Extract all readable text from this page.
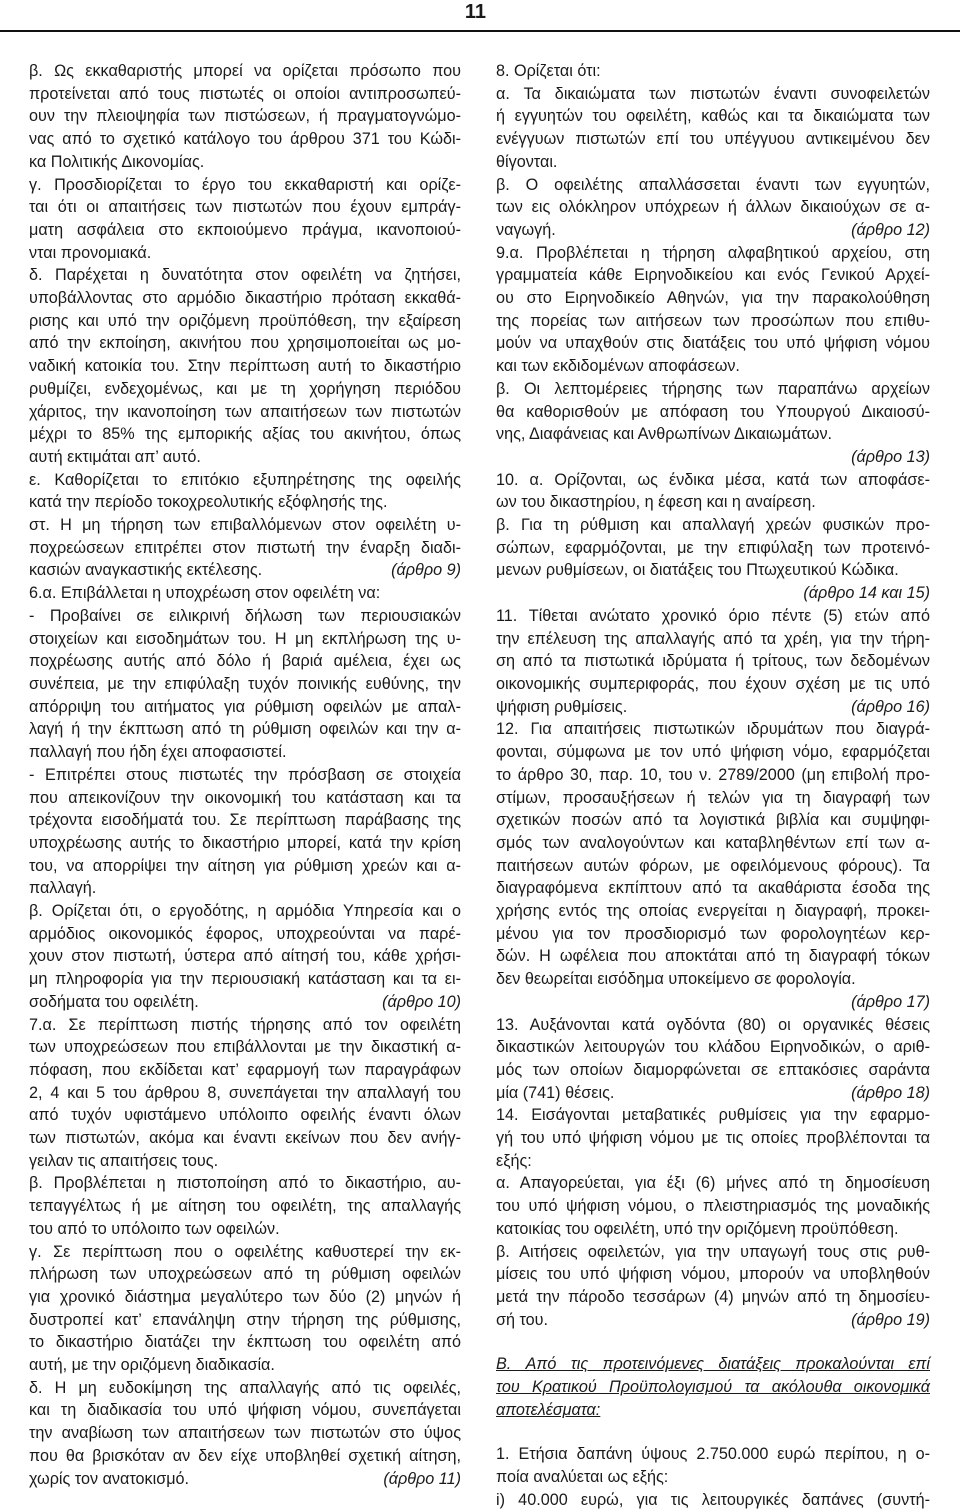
11
β. Ως εκκαθαριστής μπορεί να ορίζεται πρόσωπο που
προτείνεται από τους πιστωτές οι οποίοι αντιπροσωπεύ-
ουν την πλειοψηφία των πιστώσεων, ή πραγματογνώμο-
νας από το σχετικό κατάλογο του άρθρου 371 του Κώδι-
κα Πολιτικής Δικονομίας.
γ. Προσδιορίζεται το έργο του εκκαθαριστή και ορίζε-
ται ότι οι απαιτήσεις των πιστωτών που έχουν εμπράγ-
ματη ασφάλεια στο εκποιούμενο πράγμα, ικανοποιού-
νται προνομιακά.
δ. Παρέχεται η δυνατότητα στον οφειλέτη να ζητήσει,
υποβάλλοντας στο αρμόδιο δικαστήριο πρόταση εκκαθά-
ρισης και υπό την οριζόμενη προϋπόθεση, την εξαίρεση
από την εκποίηση, ακινήτου που χρησιμοποιείται ως μο-
ναδική κατοικία του. Στην περίπτωση αυτή το δικαστήριο
ρυθμίζει, ενδεχομένως, και με τη χορήγηση περιόδου
χάριτος, την ικανοποίηση των απαιτήσεων των πιστωτών
μέχρι το 85% της εμπορικής αξίας του ακινήτου, όπως
αυτή εκτιμάται απ’ αυτό.
ε. Καθορίζεται το επιτόκιο εξυπηρέτησης της οφειλής
κατά την περίοδο τοκοχρεολυτικής εξόφλησής της.
στ. Η μη τήρηση των επιβαλλόμενων στον οφειλέτη υ-
ποχρεώσεων επιτρέπει στον πιστωτή την έναρξη διαδι-
κασιών αναγκαστικής εκτέλεσης.	(άρθρο 9)
6.α. Επιβάλλεται η υποχρέωση στον οφειλέτη να:
- Προβαίνει σε ειλικρινή δήλωση των περιουσιακών
στοιχείων και εισοδημάτων του. Η μη εκπλήρωση της υ-
ποχρέωσης αυτής από δόλο ή βαριά αμέλεια, έχει ως
συνέπεια, με την επιφύλαξη τυχόν ποινικής ευθύνης, την
απόρριψη του αιτήματος για ρύθμιση οφειλών με απαλ-
λαγή ή την έκπτωση από τη ρύθμιση οφειλών και την α-
παλλαγή που ήδη έχει αποφασιστεί.
- Επιτρέπει στους πιστωτές την πρόσβαση σε στοιχεία
που απεικονίζουν την οικονομική του κατάσταση και τα
τρέχοντα εισοδήματά του. Σε περίπτωση παράβασης της
υποχρέωσης αυτής το δικαστήριο μπορεί, κατά την κρίση
του, να απορρίψει την αίτηση για ρύθμιση χρεών και α-
παλλαγή.
β. Ορίζεται ότι, ο εργοδότης, η αρμόδια Υπηρεσία και ο
αρμόδιος οικονομικός έφορος, υποχρεούνται να παρέ-
χουν στον πιστωτή, ύστερα από αίτησή του, κάθε χρήσι-
μη πληροφορία για την περιουσιακή κατάσταση και τα ει-
σοδήματα του οφειλέτη.	(άρθρο 10)
7.α. Σε περίπτωση πιστής τήρησης από τον οφειλέτη
των υποχρεώσεων που επιβάλλονται με την δικαστική α-
πόφαση, που εκδίδεται κατ’ εφαρμογή των παραγράφων
2, 4 και 5 του άρθρου 8, συνεπάγεται την απαλλαγή του
από τυχόν υφιστάμενο υπόλοιπο οφειλής έναντι όλων
των πιστωτών, ακόμα και έναντι εκείνων που δεν ανήγ-
γειλαν τις απαιτήσεις τους.
β. Προβλέπεται η πιστοποίηση από το δικαστήριο, αυ-
τεπαγγέλτως ή με αίτηση του οφειλέτη, της απαλλαγής
του από το υπόλοιπο των οφειλών.
γ. Σε περίπτωση που ο οφειλέτης καθυστερεί την εκ-
πλήρωση των υποχρεώσεων από τη ρύθμιση οφειλών
για χρονικό διάστημα μεγαλύτερο των δύο (2) μηνών ή
δυστροπεί κατ’ επανάληψη στην τήρηση της ρύθμισης,
το δικαστήριο διατάζει την έκπτωση του οφειλέτη από
αυτή, με την οριζόμενη διαδικασία.
δ. Η μη ευδοκίμηση της απαλλαγής από τις οφειλές,
και τη διαδικασία του υπό ψήφιση νόμου, συνεπάγεται
την αναβίωση των απαιτήσεων των πιστωτών στο ύψος
που θα βρισκόταν αν δεν είχε υποβληθεί σχετική αίτηση,
χωρίς τον ανατοκισμό.	(άρθρο 11)
8. Ορίζεται ότι:
α. Τα δικαιώματα των πιστωτών έναντι συνοφειλετών
ή εγγυητών του οφειλέτη, καθώς και τα δικαιώματα των
ενέγγυων πιστωτών επί του υπέγγυου αντικειμένου δεν
θίγονται.
β. Ο οφειλέτης απαλλάσσεται έναντι των εγγυητών,
των εις ολόκληρον υπόχρεων ή άλλων δικαιούχων σε α-
ναγωγή.	(άρθρο 12)
9.α. Προβλέπεται η τήρηση αλφαβητικού αρχείου, στη
γραμματεία κάθε Ειρηνοδικείου και ενός Γενικού Αρχεί-
ου στο Ειρηνοδικείο Αθηνών, για την παρακολούθηση
της πορείας των αιτήσεων των προσώπων που επιθυ-
μούν να υπαχθούν στις διατάξεις του υπό ψήφιση νόμου
και των εκδιδομένων αποφάσεων.
β. Οι λεπτομέρειες τήρησης των παραπάνω αρχείων
θα καθορισθούν με απόφαση του Υπουργού Δικαιοσύ-
νης, Διαφάνειας και Ανθρωπίνων Δικαιωμάτων.
(άρθρο 13)
10. α. Ορίζονται, ως ένδικα μέσα, κατά των αποφάσε-
ων του δικαστηρίου, η έφεση και η αναίρεση.
β. Για τη ρύθμιση και απαλλαγή χρεών φυσικών προ-
σώπων, εφαρμόζονται, με την επιφύλαξη των προτεινό-
μενων ρυθμίσεων, οι διατάξεις του Πτωχευτικού Κώδικα.
(άρθρο 14 και 15)
11. Τίθεται ανώτατο χρονικό όριο πέντε (5) ετών από
την επέλευση της απαλλαγής από τα χρέη, για την τήρη-
ση από τα πιστωτικά ιδρύματα ή τρίτους, των δεδομένων
οικονομικής συμπεριφοράς, που έχουν σχέση με τις υπό
ψήφιση ρυθμίσεις.	(άρθρο 16)
12. Για απαιτήσεις πιστωτικών ιδρυμάτων που διαγρά-
φονται, σύμφωνα με τον υπό ψήφιση νόμο, εφαρμόζεται
το άρθρο 30, παρ. 10, του ν. 2789/2000 (μη επιβολή προ-
στίμων, προσαυξήσεων ή τελών για τη διαγραφή των
σχετικών ποσών από τα λογιστικά βιβλία και συμψηφι-
σμός των αναλογούντων και καταβληθέντων επί των α-
παιτήσεων αυτών φόρων, με οφειλόμενους φόρους). Τα
διαγραφόμενα εκπίπτουν από τα ακαθάριστα έσοδα της
χρήσης εντός της οποίας ενεργείται η διαγραφή, προκει-
μένου για τον προσδιορισμό των φορολογητέων κερ-
δών. Η ωφέλεια που αποκτάται από τη διαγραφή τόκων
δεν θεωρείται εισόδημα υποκείμενο σε φορολογία.
(άρθρο 17)
13. Αυξάνονται κατά ογδόντα (80) οι οργανικές θέσεις
δικαστικών λειτουργών του κλάδου Ειρηνοδικών, ο αριθ-
μός των οποίων διαμορφώνεται σε επτακόσιες σαράντα
μία (741) θέσεις.	(άρθρο 18)
14. Εισάγονται μεταβατικές ρυθμίσεις για την εφαρμο-
γή του υπό ψήφιση νόμου με τις οποίες προβλέπονται τα
εξής:
α. Απαγορεύεται, για έξι (6) μήνες από τη δημοσίευση
του υπό ψήφιση νόμου, ο πλειστηριασμός της μοναδικής
κατοικίας του οφειλέτη, υπό την οριζόμενη προϋπόθεση.
β. Αιτήσεις οφειλετών, για την υπαγωγή τους στις ρυθ-
μίσεις του υπό ψήφιση νόμου, μπορούν να υποβληθούν
μετά την πάροδο τεσσάρων (4) μηνών από τη δημοσίευ-
σή του.	(άρθρο 19)
B. Από τις προτεινόμενες διατάξεις προκαλούνται επί
του Κρατικού Προϋπολογισμού τα ακόλουθα οικονομικά
αποτελέσματα:
1. Ετήσια δαπάνη ύψους 2.750.000 ευρώ περίπου, η ο-
ποία αναλύεται ως εξής:
i) 40.000 ευρώ, για τις λειτουργικές δαπάνες (συντή-
